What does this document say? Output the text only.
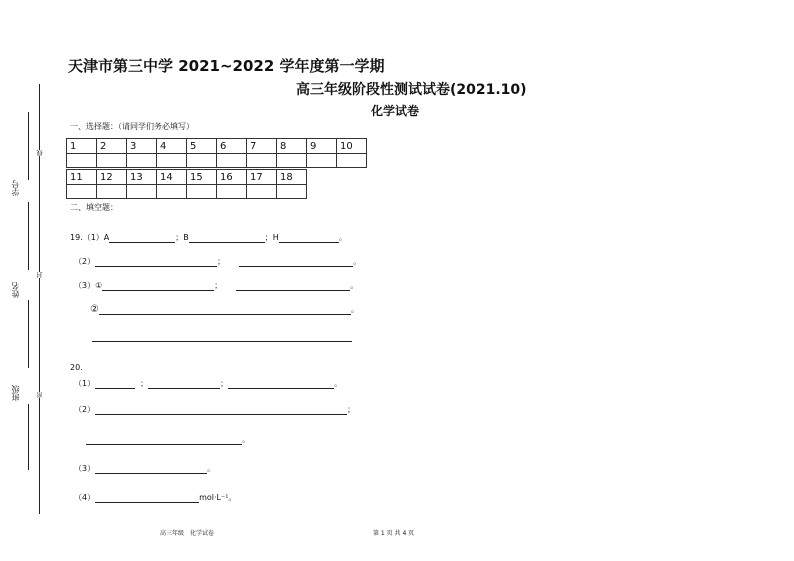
学号
姓名
班级
线
封
密
天津市第三中学 2021~2022 学年度第一学期
高三年级阶段性测试试卷(2021.10)
化学试卷
一、选择题：（请同学们务必填写）
1	2	3	4	5	6	7	8	9	10

11	12	13	14	15	16	17	18

二、填空题：
19.（1）A	；B	；H	。
（2）	；	。
（3）①	；	。
②	。
20.
（1）	；	；	。
（2）	；
。
（3）	。
（4）	mol·L⁻¹。
高三年级　化学试卷	第 1 页 共 4 页
